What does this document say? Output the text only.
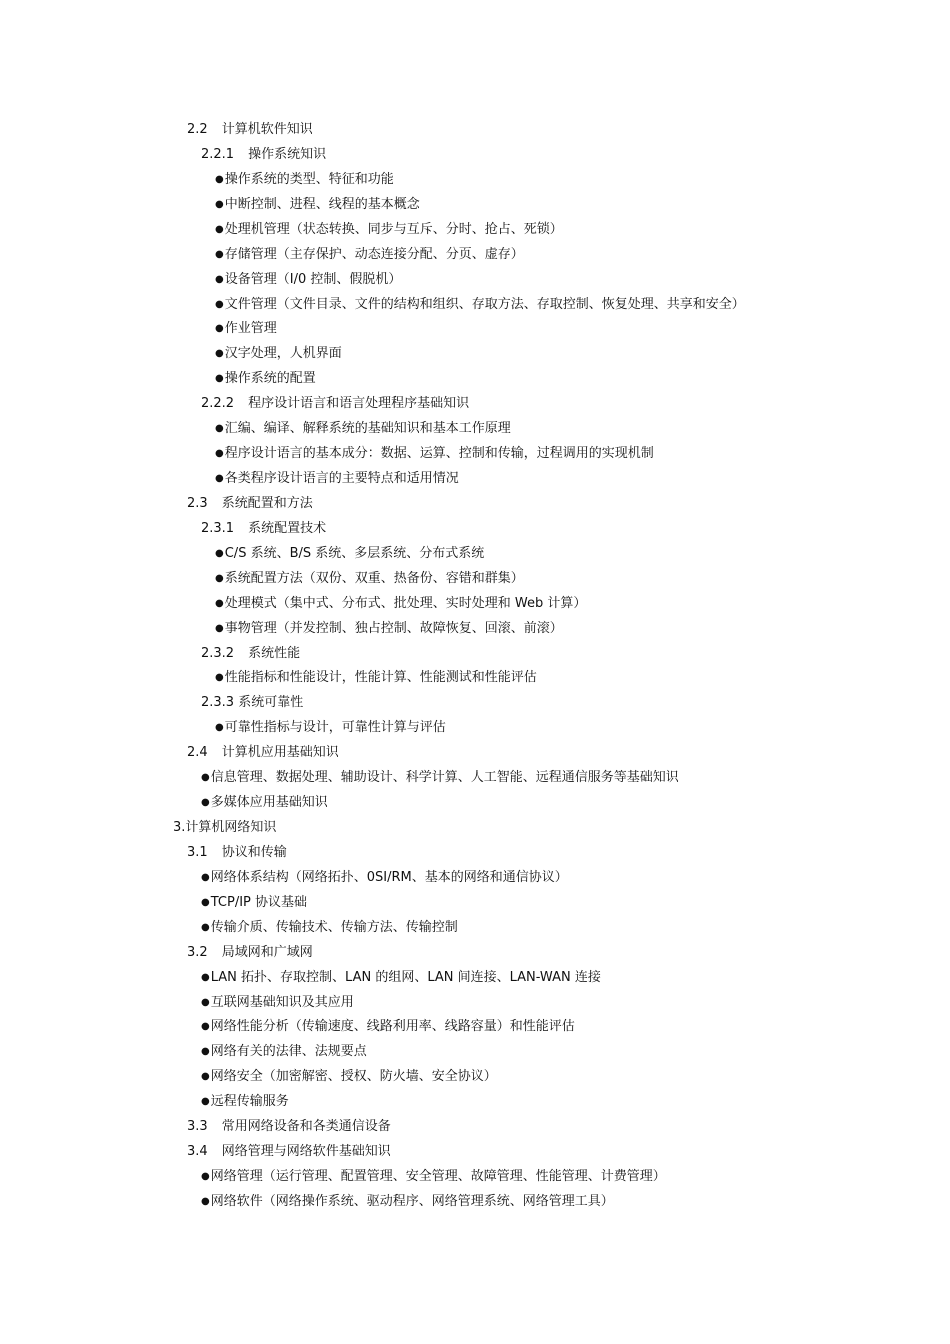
2.2 计算机软件知识
2.2.1 操作系统知识
●操作系统的类型、特征和功能
●中断控制、进程、线程的基本概念
●处理机管理（状态转换、同步与互斥、分时、抢占、死锁）
●存储管理（主存保护、动态连接分配、分页、虚存）
●设备管理（I/0 控制、假脱机）
●文件管理（文件目录、文件的结构和组织、存取方法、存取控制、恢复处理、共享和安全）
●作业管理
●汉字处理，人机界面
●操作系统的配置
2.2.2 程序设计语言和语言处理程序基础知识
●汇编、编译、解释系统的基础知识和基本工作原理
●程序设计语言的基本成分：数据、运算、控制和传输，过程调用的实现机制
●各类程序设计语言的主要特点和适用情况
2.3 系统配置和方法
2.3.1 系统配置技术
●C/S 系统、B/S 系统、多层系统、分布式系统
●系统配置方法（双份、双重、热备份、容错和群集）
●处理模式（集中式、分布式、批处理、实时处理和 Web 计算）
●事物管理（并发控制、独占控制、故障恢复、回滚、前滚）
2.3.2 系统性能
●性能指标和性能设计，性能计算、性能测试和性能评估
2.3.3 系统可靠性
●可靠性指标与设计，可靠性计算与评估
2.4 计算机应用基础知识
●信息管理、数据处理、辅助设计、科学计算、人工智能、远程通信服务等基础知识
●多媒体应用基础知识
3.计算机网络知识
3.1 协议和传输
●网络体系结构（网络拓扑、0SI/RM、基本的网络和通信协议）
●TCP/IP 协议基础
●传输介质、传输技术、传输方法、传输控制
3.2 局域网和广域网
●LAN 拓扑、存取控制、LAN 的组网、LAN 间连接、LAN-WAN 连接
●互联网基础知识及其应用
●网络性能分析（传输速度、线路利用率、线路容量）和性能评估
●网络有关的法律、法规要点
●网络安全（加密解密、授权、防火墙、安全协议）
●远程传输服务
3.3 常用网络设备和各类通信设备
3.4 网络管理与网络软件基础知识
●网络管理（运行管理、配置管理、安全管理、故障管理、性能管理、计费管理）
●网络软件（网络操作系统、驱动程序、网络管理系统、网络管理工具）
